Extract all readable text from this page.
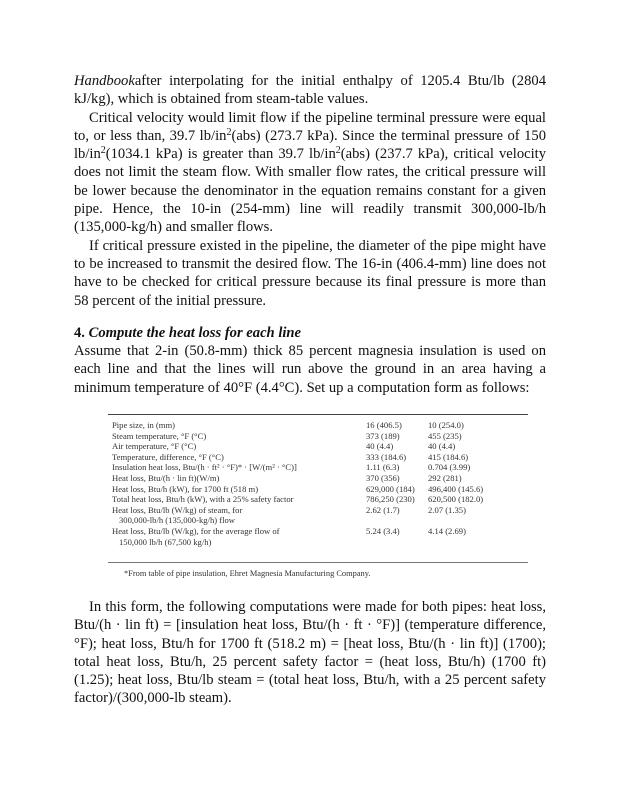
Handbookafter interpolating for the initial enthalpy of 1205.4 Btu/lb (2804 kJ/kg), which is obtained from steam-table values.

Critical velocity would limit flow if the pipeline terminal pressure were equal to, or less than, 39.7 $lb/in^2(abs)$ (273.7 kPa). Since the terminal pressure of 150 $lb/in^2(1034.1$ kPa) is greater than 39.7 $lb/in^2(abs)$ (237.7 kPa), critical velocity does not limit the steam flow. With smaller flow rates, the critical pressure will be lower because the denominator in the equation remains constant for a given pipe. Hence, the 10-in (254-mm) line will readily transmit 300,000-lb/h (135,000-kg/h) and smaller flows.

If critical pressure existed in the pipeline, the diameter of the pipe might have to be increased to transmit the desired flow. The 16-in (406.4-mm) line does not have to be checked for critical pressure because its final pressure is more than 58 percent of the initial pressure.

4. Compute the heat loss for each line

Assume that 2-in (50.8-mm) thick 85 percent magnesia insulation is used on each line and that the lines will run above the ground in an area having a minimum temperature of 40°F (4.4°C). Set up a computation form as follows:

Pipe size, in (mm)	16 (406.5)	10 (254.0)
Steam temperature, °F (°C)	373 (189)	455 (235)
Air temperature, °F (°C)	40 (4.4)	40 (4.4)
Temperature, difference, °F (°C)	333 (184.6)	415 (184.6)
Insulation heat loss, Btu/(h · ft² · °F)* · [W/(m² · °C)]	1.11 (6.3)	0.704 (3.99)
Heat loss, Btu/(h · lin ft)(W/m)	370 (356)	292 (281)
Heat loss, Btu/h (kW), for 1700 ft (518 m)	629,000 (184)	496,400 (145.6)
Total heat loss, Btu/h (kW), with a 25% safety factor	786,250 (230)	620,500 (182.0)
Heat loss, Btu/lb (W/kg) of steam, for	2.62 (1.7)	2.07 (1.35)
300,000-lb/h (135,000-kg/h) flow
Heat loss, Btu/lb (W/kg), for the average flow of	5.24 (3.4)	4.14 (2.69)
150,000 lb/h (67,500 kg/h)
*From table of pipe insulation, Ehret Magnesia Manufacturing Company.

In this form, the following computations were made for both pipes: heat loss, Btu/(h · lin ft) = [insulation heat loss, Btu/(h · ft · °F)] (temperature difference, °F); heat loss, Btu/h for 1700 ft (518.2 m) = [heat loss, Btu/(h · lin ft)] (1700); total heat loss, Btu/h, 25 percent safety factor = (heat loss, Btu/h) (1700 ft)(1.25); heat loss, Btu/lb steam = (total heat loss, Btu/h, with a 25 percent safety factor)/(300,000-lb steam).
